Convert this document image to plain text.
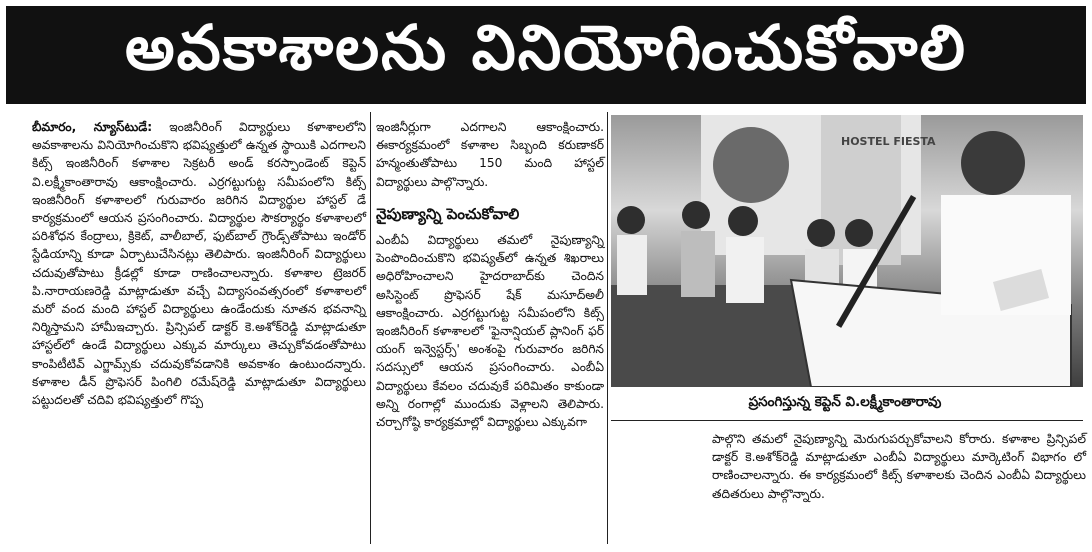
అవకాశాలను వినియోగించుకోవాలి

బీమారం, న్యూస్‌టుడే: ఇంజినీరింగ్ విద్యార్థులు కళాశాలలోని అవకాశాలను వినియోగించుకొని భవిష్యత్తులో ఉన్నత స్థాయికి ఎదగాలని కిట్స్ ఇంజినీరింగ్ కళాశాల సెక్రటరీ అండ్ కరస్పాండెంట్ కెప్టెన్ వి.లక్ష్మీకాంతారావు ఆకాంక్షించారు. ఎర్రగట్టుగుట్ట సమీపంలోని కిట్స్ ఇంజినీరింగ్ కళాశాలలో గురువారం జరిగిన విద్యార్థుల హాస్టల్ డే కార్యక్రమంలో ఆయన ప్రసంగించారు. విద్యార్థుల సౌకర్యార్థం కళాశాలలో పరిశోధన కేంద్రాలు, క్రికెట్, వాలీబాల్, ఫుట్‌బాల్ గ్రౌండ్స్‌తోపాటు ఇండోర్ స్టేడియాన్ని కూడా ఏర్పాటుచేసినట్లు తెలిపారు. ఇంజినీరింగ్ విద్యార్థులు చదువుతోపాటు క్రీడల్లో కూడా రాణించాలన్నారు. కళాశాల ట్రెజరర్ పి.నారాయణరెడ్డి మాట్లాడుతూ వచ్చే విద్యాసంవత్సరంలో కళాశాలలో మరో వంద మంది హాస్టల్ విద్యార్థులు ఉండేందుకు నూతన భవనాన్ని నిర్మిస్తామని హామీఇచ్చారు. ప్రిన్సిపల్ డాక్టర్ కె.అశోక్‌రెడ్డి మాట్లాడుతూ హాస్టల్‌లో ఉండే విద్యార్థులు ఎక్కువ మార్కులు తెచ్చుకోవడంతోపాటు కాంపిటీటివ్ ఎగ్జామ్స్‌కు చదువుకోవడానికి అవకాశం ఉంటుందన్నారు. కళాశాల డీన్ ప్రొఫెసర్ పింగిలి రమేష్‌రెడ్డి మాట్లాడుతూ విద్యార్థులు పట్టుదలతో చదివి భవిష్యత్తులో గొప్ప

ఇంజినీర్లుగా ఎదగాలని ఆకాంక్షించారు. ఈకార్యక్రమంలో కళాశాల సిబ్బంది కరుణాకర్ హన్మంతుతోపాటు 150 మంది హాస్టల్ విద్యార్థులు పాల్గొన్నారు.

నైపుణ్యాన్ని పెంచుకోవాలి

ఎంబీఏ విద్యార్థులు తమలో నైపుణ్యాన్ని పెంపొందించుకొని భవిష్యత్‌లో ఉన్నత శిఖరాలు అధిరోహించాలని హైదరాబాద్‌కు చెందిన అసిస్టెంట్ ప్రొఫెసర్ షేక్ మసూద్‌అలీ ఆకాంక్షించారు. ఎర్రగట్టుగుట్ట సమీపంలోని కిట్స్ ఇంజినీరింగ్ కళాశాలలో 'ఫైనాన్షియల్ ప్లానింగ్ ఫర్ యంగ్ ఇన్వెస్టర్స్' అంశంపై గురువారం జరిగిన సదస్సులో ఆయన ప్రసంగించారు. ఎంబీఏ విద్యార్థులు కేవలం చదువుకే పరిమితం కాకుండా అన్ని రంగాల్లో ముందుకు వెళ్లాలని తెలిపారు. చర్చాగోష్ఠి కార్యక్రమాల్లో విద్యార్థులు ఎక్కువగా

HOSTEL FIESTA
ప్రసంగిస్తున్న కెప్టెన్ వి.లక్ష్మీకాంతారావు

పాల్గొని తమలో నైపుణ్యాన్ని మెరుగుపర్చుకోవాలని కోరారు. కళాశాల ప్రిన్సిపల్ డాక్టర్ కె.అశోక్‌రెడ్డి మాట్లాడుతూ ఎంబీఏ విద్యార్థులు మార్కెటింగ్ విభాగం లో రాణించాలన్నారు. ఈ కార్యక్రమంలో కిట్స్ కళాశాలకు చెందిన ఎంబీఏ విద్యార్థులు తదితరులు పాల్గొన్నారు.
